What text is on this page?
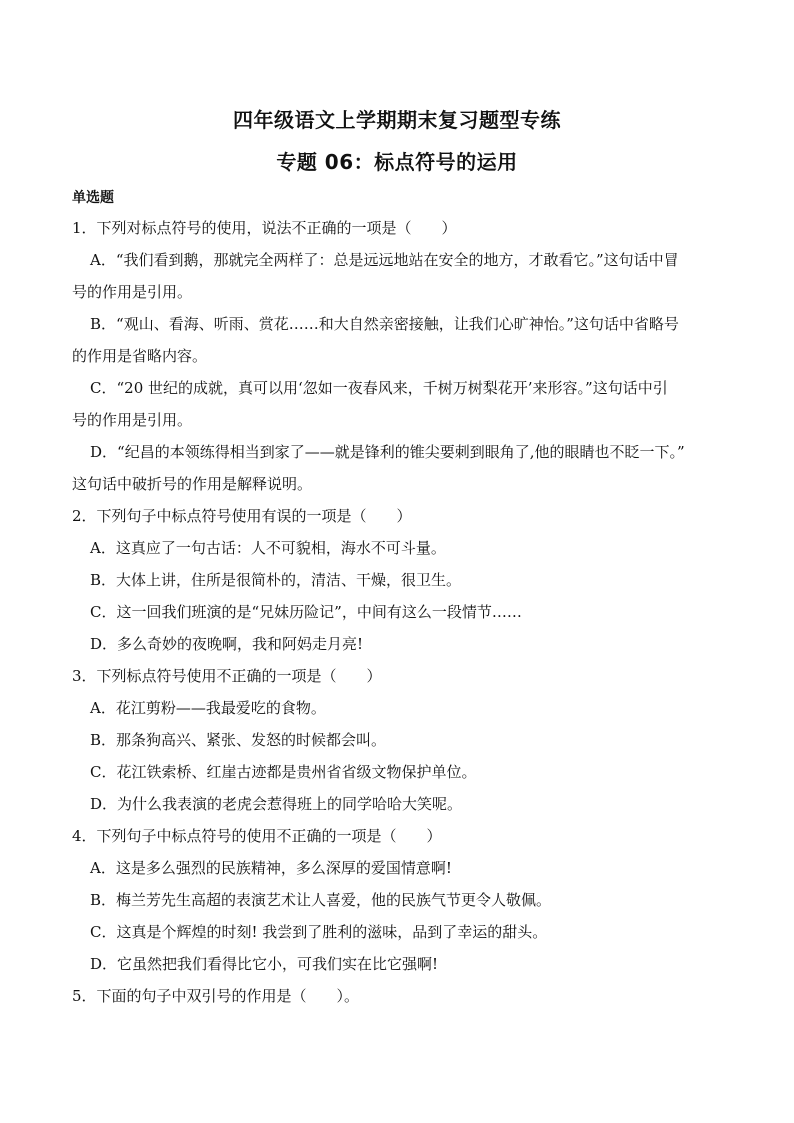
四年级语文上学期期末复习题型专练
专题 06：标点符号的运用
单选题
1．下列对标点符号的使用，说法不正确的一项是（　　）
A．“我们看到鹅，那就完全两样了：总是远远地站在安全的地方，才敢看它。”这句话中冒
号的作用是引用。
B．“观山、看海、听雨、赏花……和大自然亲密接触，让我们心旷神怡。”这句话中省略号
的作用是省略内容。
C．“20 世纪的成就，真可以用‘忽如一夜春风来，千树万树梨花开’来形容。”这句话中引
号的作用是引用。
D．“纪昌的本领练得相当到家了——就是锋利的锥尖要刺到眼角了,他的眼睛也不眨一下。”
这句话中破折号的作用是解释说明。
2．下列句子中标点符号使用有误的一项是（　　）
A．这真应了一句古话：人不可貌相，海水不可斗量。
B．大体上讲，住所是很简朴的，清洁、干燥，很卫生。
C．这一回我们班演的是“兄妹历险记”，中间有这么一段情节……
D．多么奇妙的夜晚啊，我和阿妈走月亮!
3．下列标点符号使用不正确的一项是（　　）
A．花江剪粉——我最爱吃的食物。
B．那条狗高兴、紧张、发怒的时候都会叫。
C．花江铁索桥、红崖古迹都是贵州省省级文物保护单位。
D．为什么我表演的老虎会惹得班上的同学哈哈大笑呢。
4．下列句子中标点符号的使用不正确的一项是（　　）
A．这是多么强烈的民族精神，多么深厚的爱国情意啊!
B．梅兰芳先生高超的表演艺术让人喜爱，他的民族气节更令人敬佩。
C．这真是个辉煌的时刻! 我尝到了胜利的滋味，品到了幸运的甜头。
D．它虽然把我们看得比它小，可我们实在比它强啊!
5．下面的句子中双引号的作用是（　　）。
